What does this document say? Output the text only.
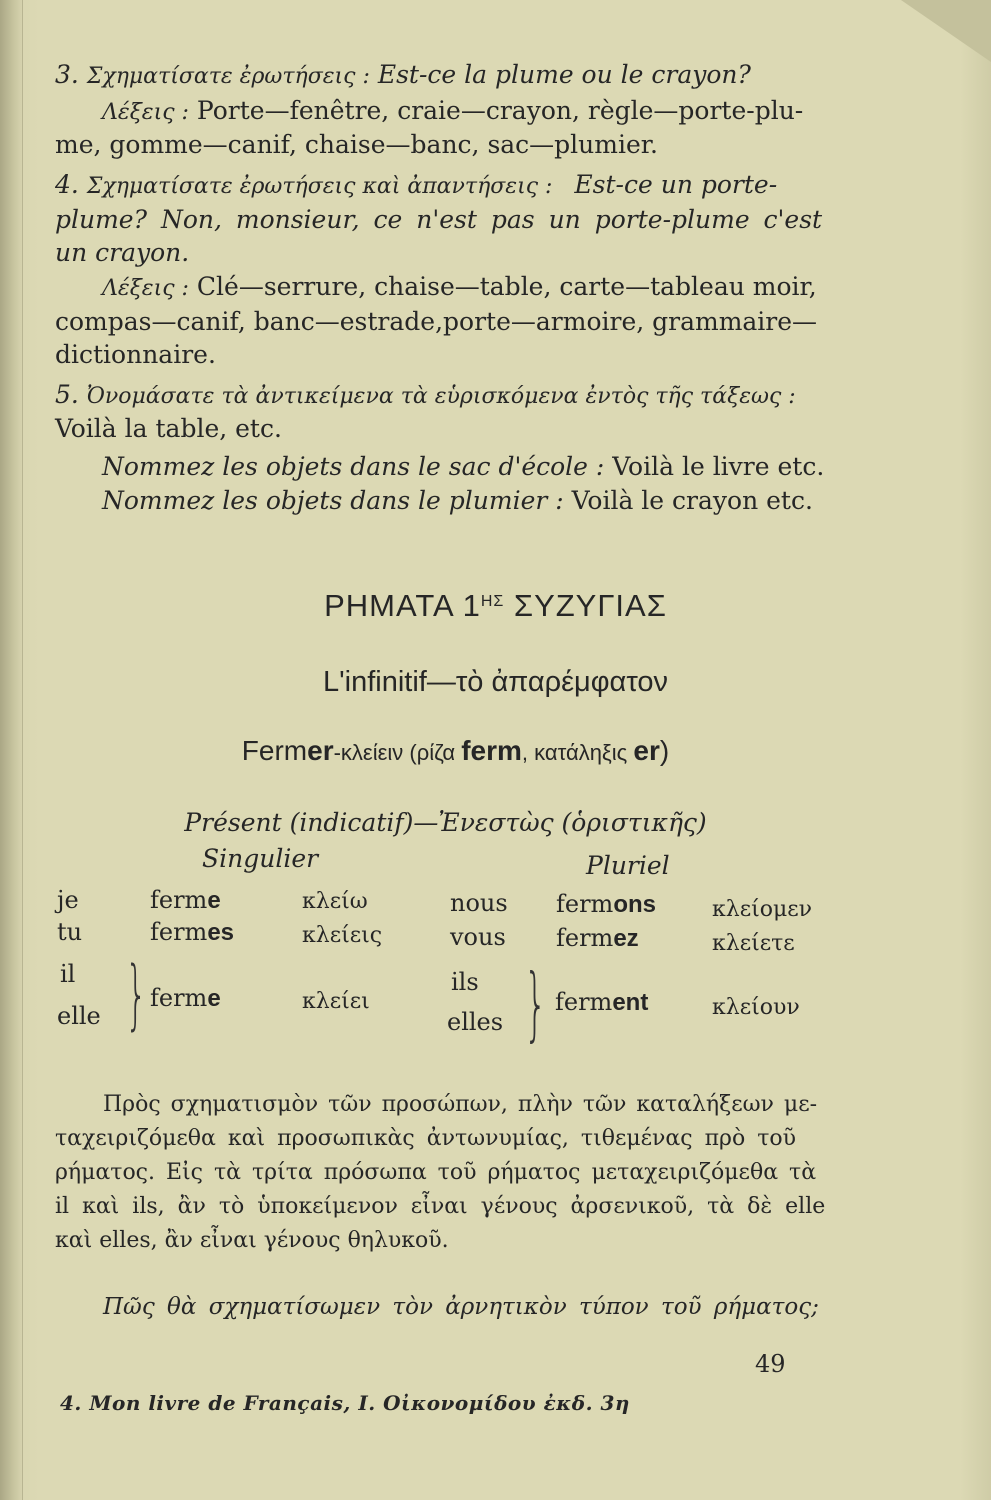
3. Σχηματίσατε ἐρωτήσεις : Est-ce la plume ou le crayon?
Λέξεις : Porte—fenêtre, craie—crayon, règle—porte-plu-
me, gomme—canif, chaise—banc, sac—plumier.
4. Σχηματίσατε ἐρωτήσεις καὶ ἀπαντήσεις : Est-ce un porte-
plume? Non, monsieur, ce n'est pas un porte-plume c'est
un crayon.
Λέξεις : Clé—serrure, chaise—table, carte—tableau moir,
compas—canif, banc—estrade,porte—armoire, grammaire—
dictionnaire.
5. Ὀνομάσατε τὰ ἀντικείμενα τὰ εὑρισκόμενα ἐντὸς τῆς τάξεως :
Voilà la table, etc.
Nommez les objets dans le sac d'école : Voilà le livre etc.
Nommez les objets dans le plumier : Voilà le crayon etc.
ΡΗΜΑΤΑ $1^{H\Sigma}$ ΣΥΖΥΓΙΑΣ
L'infinitif—τὸ ἀπαρέμφατον
Fermer-κλείειν (ρίζα ferm, κατάληξις er)
Présent (indicatif)—Ἐνεστὼς (ὁριστικῆς)
Singulier	Pluriel
je	ferme	κλείω	nous fermons	κλείομεν
tu	fermes	κλείεις	vous fermez	κλείετε
il
elle } ferme	κλείει
ils
elles } ferment	κλείουν
Πρὸς σχηματισμὸν τῶν προσώπων, πλὴν τῶν καταλήξεων με-
ταχειριζόμεθα καὶ προσωπικὰς ἀντωνυμίας, τιθεμένας πρὸ τοῦ
ρήματος. Εἰς τὰ τρίτα πρόσωπα τοῦ ρήματος μεταχειριζόμεθα τὰ
il καὶ ils, ἂν τὸ ὑποκείμενον εἶναι γένους ἀρσενικοῦ, τὰ δὲ elle
καὶ elles, ἂν εἶναι γένους θηλυκοῦ.
Πῶς θὰ σχηματίσωμεν τὸν ἀρνητικὸν τύπον τοῦ ρήματος;
49
4. Mon livre de Français, I. Οἰκονομίδου ἐκδ. 3η
